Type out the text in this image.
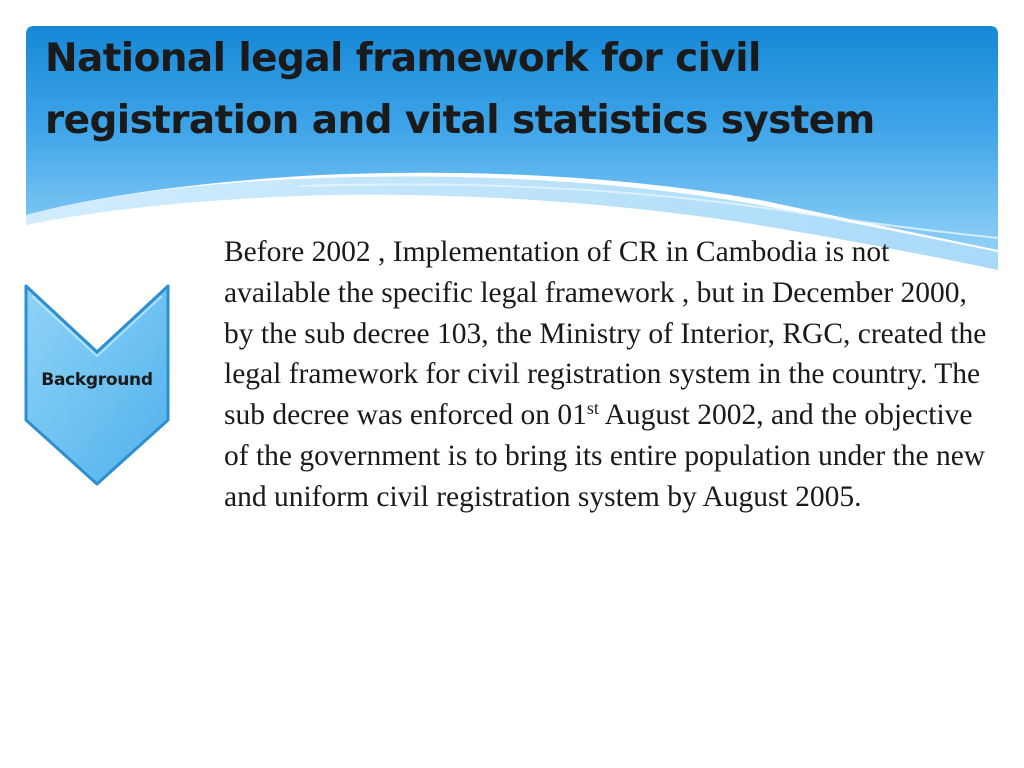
National legal framework for civil registration and vital statistics system
Background

Before 2002 , Implementation of CR in Cambodia is not available the specific legal framework , but in December 2000, by the sub decree 103, the Ministry of Interior, RGC, created the legal framework for civil registration system in the country. The sub decree was enforced on 01st August 2002, and the objective of the government is to bring its entire population under the new and uniform civil registration system by August 2005.
